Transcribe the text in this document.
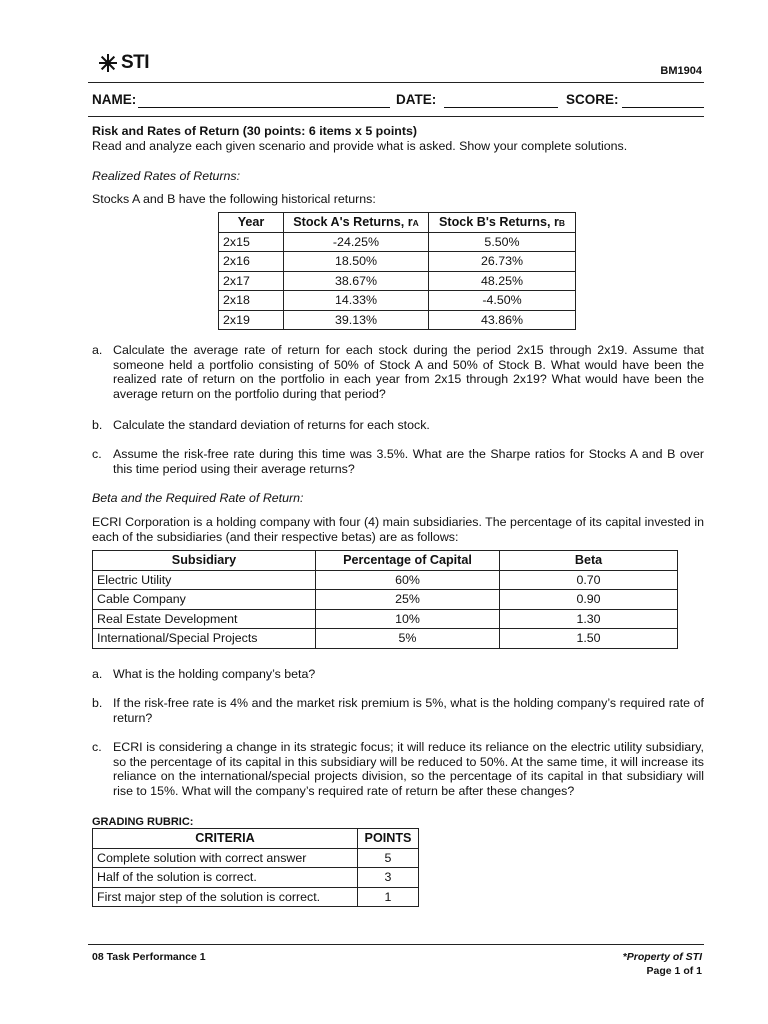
STI	BM1904
NAME:	DATE:	SCORE:
Risk and Rates of Return (30 points: 6 items x 5 points)
Read and analyze each given scenario and provide what is asked. Show your complete solutions.
Realized Rates of Returns:
Stocks A and B have the following historical returns:
Year	Stock A's Returns, rA	Stock B's Returns, rB
2x15	-24.25%	5.50%
2x16	18.50%	26.73%
2x17	38.67%	48.25%
2x18	14.33%	-4.50%
2x19	39.13%	43.86%
a. Calculate the average rate of return for each stock during the period 2x15 through 2x19. Assume that someone held a portfolio consisting of 50% of Stock A and 50% of Stock B. What would have been the realized rate of return on the portfolio in each year from 2x15 through 2x19? What would have been the average return on the portfolio during that period?
b. Calculate the standard deviation of returns for each stock.
c. Assume the risk-free rate during this time was 3.5%. What are the Sharpe ratios for Stocks A and B over this time period using their average returns?
Beta and the Required Rate of Return:
ECRI Corporation is a holding company with four (4) main subsidiaries. The percentage of its capital invested in each of the subsidiaries (and their respective betas) are as follows:
Subsidiary	Percentage of Capital	Beta
Electric Utility	60%	0.70
Cable Company	25%	0.90
Real Estate Development	10%	1.30
International/Special Projects	5%	1.50
a. What is the holding company’s beta?
b. If the risk-free rate is 4% and the market risk premium is 5%, what is the holding company’s required rate of return?
c. ECRI is considering a change in its strategic focus; it will reduce its reliance on the electric utility subsidiary, so the percentage of its capital in this subsidiary will be reduced to 50%. At the same time, it will increase its reliance on the international/special projects division, so the percentage of its capital in that subsidiary will rise to 15%. What will the company’s required rate of return be after these changes?
GRADING RUBRIC:
CRITERIA	POINTS
Complete solution with correct answer	5
Half of the solution is correct.	3
First major step of the solution is correct.	1
08 Task Performance 1	*Property of STI
Page 1 of 1
